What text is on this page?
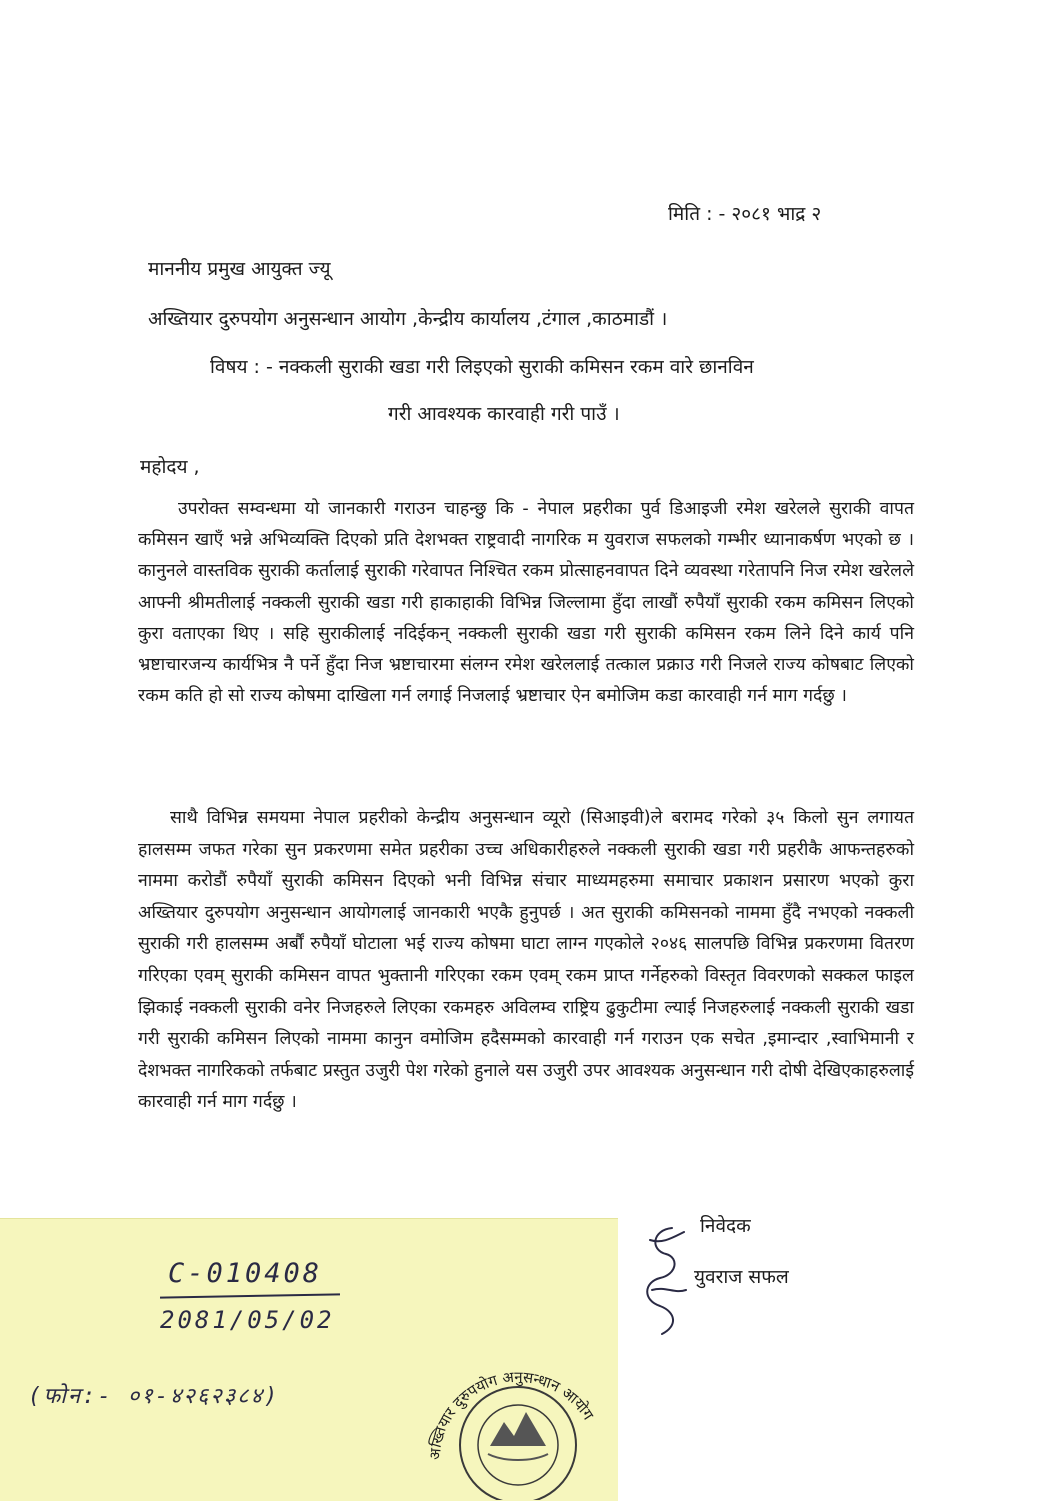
मिति : - २०८१ भाद्र २
माननीय प्रमुख आयुक्त ज्यू
अख्तियार दुरुपयोग अनुसन्धान आयोग ,केन्द्रीय कार्यालय ,टंगाल ,काठमाडौं ।
विषय : - नक्कली सुराकी खडा गरी लिइएको सुराकी कमिसन रकम वारे छानविन
गरी आवश्यक कारवाही गरी पाउँ ।
महोदय ,
उपरोक्त सम्वन्धमा यो जानकारी गराउन चाहन्छु कि - नेपाल प्रहरीका पुर्व डिआइजी रमेश खरेलले सुराकी वापत कमिसन खाएँ भन्ने अभिव्यक्ति दिएको प्रति देशभक्त राष्ट्रवादी नागरिक म युवराज सफलको गम्भीर ध्यानाकर्षण भएको छ । कानुनले वास्तविक सुराकी कर्तालाई सुराकी गरेवापत निश्चित रकम प्रोत्साहनवापत दिने व्यवस्था गरेतापनि निज रमेश खरेलले आफ्नी श्रीमतीलाई नक्कली सुराकी खडा गरी हाकाहाकी विभिन्न जिल्लामा हुँदा लाखौं रुपैयाँ सुराकी रकम कमिसन लिएको कुरा वताएका थिए । सहि सुराकीलाई नदिईकन् नक्कली सुराकी खडा गरी सुराकी कमिसन रकम लिने दिने कार्य पनि भ्रष्टाचारजन्य कार्यभित्र नै पर्ने हुँदा निज भ्रष्टाचारमा संलग्न रमेश खरेललाई तत्काल प्रक्राउ गरी निजले राज्य कोषबाट लिएको रकम कति हो सो राज्य कोषमा दाखिला गर्न लगाई निजलाई भ्रष्टाचार ऐन बमोजिम कडा कारवाही गर्न माग गर्दछु ।
साथै विभिन्न समयमा नेपाल प्रहरीको केन्द्रीय अनुसन्धान व्यूरो (सिआइवी)ले बरामद गरेको ३५ किलो सुन लगायत हालसम्म जफत गरेका सुन प्रकरणमा समेत प्रहरीका उच्च अधिकारीहरुले नक्कली सुराकी खडा गरी प्रहरीकै आफन्तहरुको नाममा करोडौं रुपैयाँ सुराकी कमिसन दिएको भनी विभिन्न संचार माध्यमहरुमा समाचार प्रकाशन प्रसारण भएको कुरा अख्तियार दुरुपयोग अनुसन्धान आयोगलाई जानकारी भएकै हुनुपर्छ । अत सुराकी कमिसनको नाममा हुँदै नभएको नक्कली सुराकी गरी हालसम्म अर्बौं रुपैयाँ घोटाला भई राज्य कोषमा घाटा लाग्न गएकोले २०४६ सालपछि विभिन्न प्रकरणमा वितरण गरिएका एवम् सुराकी कमिसन वापत भुक्तानी गरिएका रकम एवम् रकम प्राप्त गर्नेहरुको विस्तृत विवरणको सक्कल फाइल झिकाई नक्कली सुराकी वनेर निजहरुले लिएका रकमहरु अविलम्व राष्ट्रिय ढुकुटीमा ल्याई निजहरुलाई नक्कली सुराकी खडा गरी सुराकी कमिसन लिएको नाममा कानुन वमोजिम हदैसम्मको कारवाही गर्न गराउन एक सचेत ,इमान्दार ,स्वाभिमानी र देशभक्त नागरिकको तर्फबाट प्रस्तुत उजुरी पेश गरेको हुनाले यस उजुरी उपर आवश्यक अनुसन्धान गरी दोषी देखिएकाहरुलाई कारवाही गर्न माग गर्दछु ।
निवेदक
युवराज सफल
C-010408
2081/05/02
(फोन:- ०१-४२६२३८४)
अख्तियार दुरुपयोग अनुसन्धान आयोग
